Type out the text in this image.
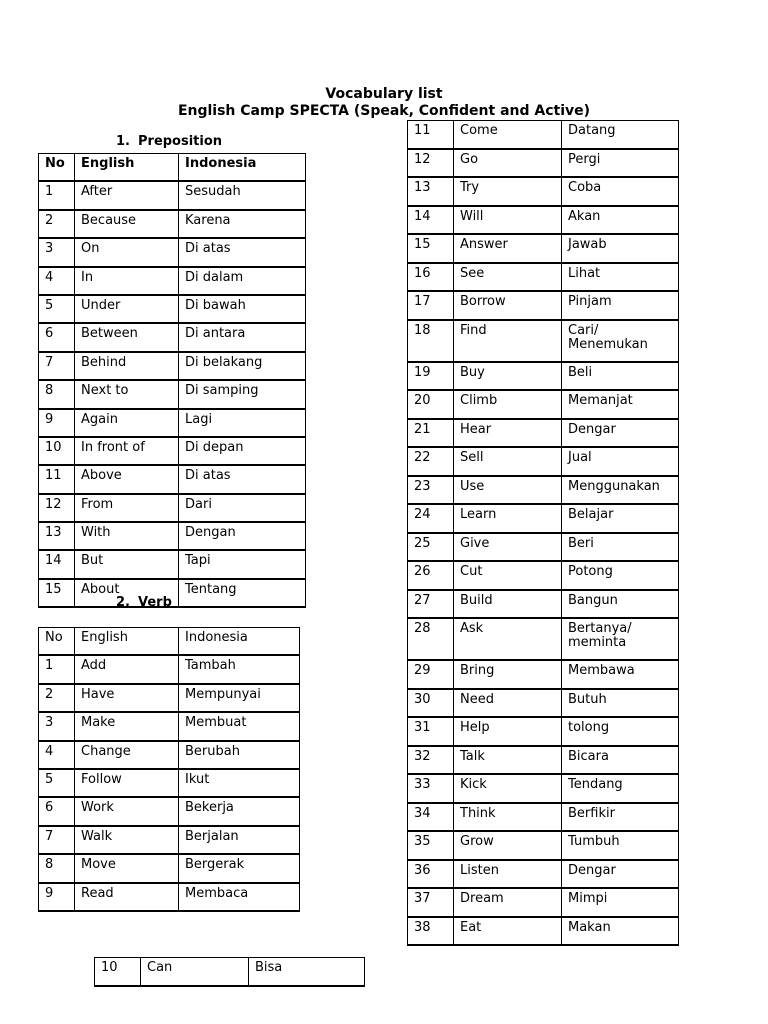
Vocabulary list
English Camp SPECTA (Speak, Confident and Active)
1. Preposition
No	English	Indonesia
1	After	Sesudah
2	Because	Karena
3	On	Di atas
4	In	Di dalam
5	Under	Di bawah
6	Between	Di antara
7	Behind	Di belakang
8	Next to	Di samping
9	Again	Lagi
10	In front of	Di depan
11	Above	Di atas
12	From	Dari
13	With	Dengan
14	But	Tapi
15	About	Tentang
2. Verb
No	English	Indonesia
1	Add	Tambah
2	Have	Mempunyai
3	Make	Membuat
4	Change	Berubah
5	Follow	Ikut
6	Work	Bekerja
7	Walk	Berjalan
8	Move	Bergerak
9	Read	Membaca
11	Come	Datang
12	Go	Pergi
13	Try	Coba
14	Will	Akan
15	Answer	Jawab
16	See	Lihat
17	Borrow	Pinjam
18	Find	Cari/ Menemukan
19	Buy	Beli
20	Climb	Memanjat
21	Hear	Dengar
22	Sell	Jual
23	Use	Menggunakan
24	Learn	Belajar
25	Give	Beri
26	Cut	Potong
27	Build	Bangun
28	Ask	Bertanya/ meminta
29	Bring	Membawa
30	Need	Butuh
31	Help	tolong
32	Talk	Bicara
33	Kick	Tendang
34	Think	Berfikir
35	Grow	Tumbuh
36	Listen	Dengar
37	Dream	Mimpi
38	Eat	Makan
10	Can	Bisa
